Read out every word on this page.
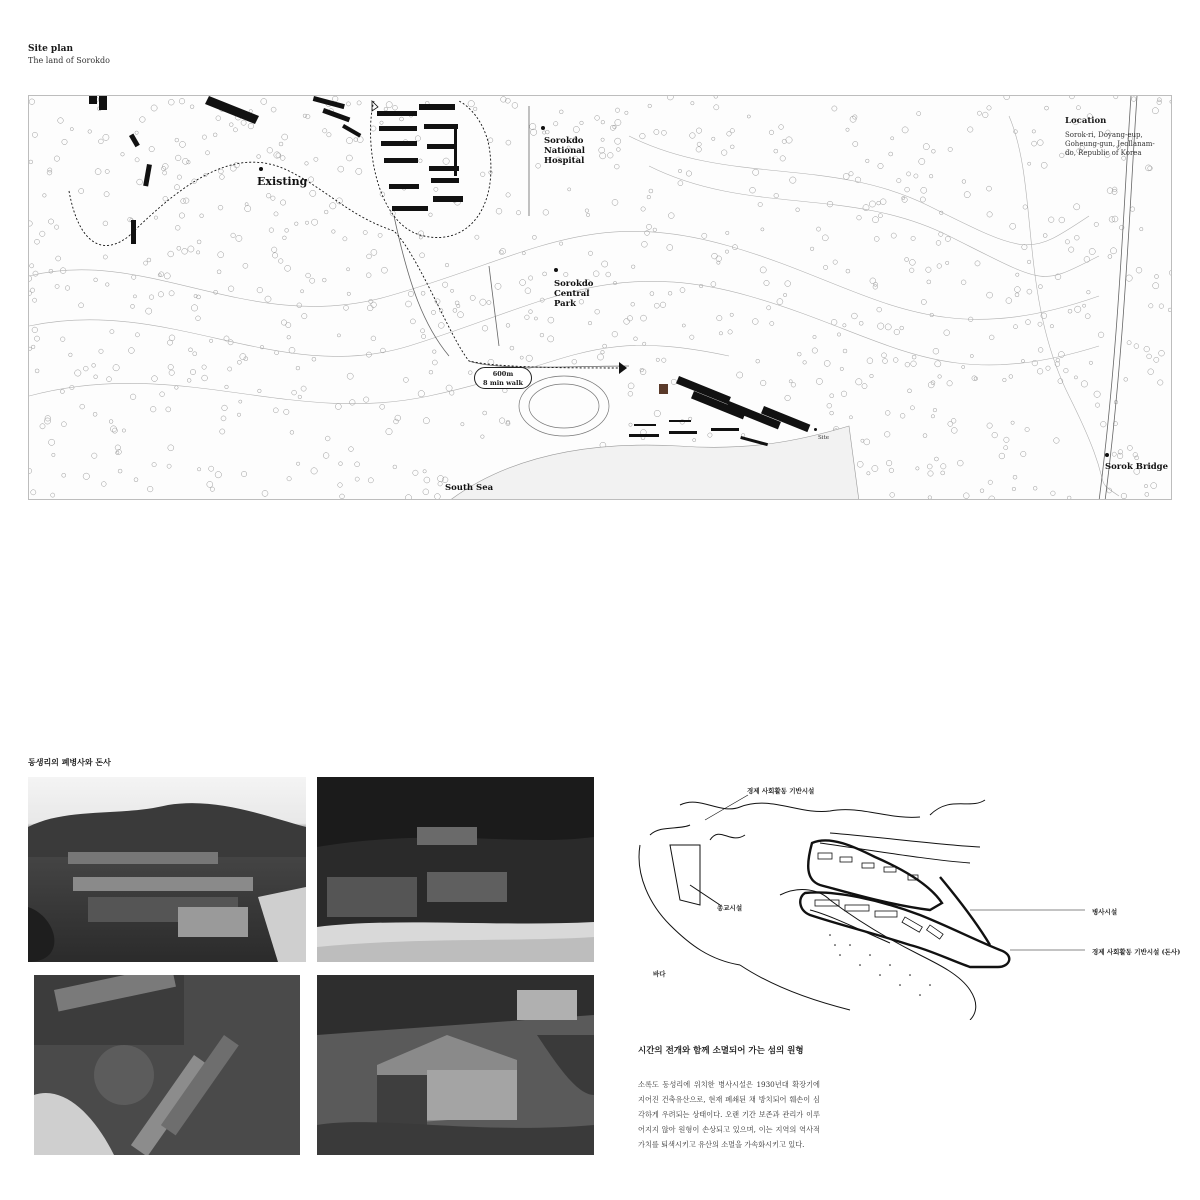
Site plan
The land of Sorokdo
Existing
Sorokdo National Hospital
Sorokdo Central Park
South Sea
Sorok Bridge
Site
600m
8 min walk
Location
Sorok-ri, Doyang-eup, Goheung-gun, Jeollanam-do, Republic of Korea
동생리의 폐병사와 돈사
경제 사회활동 기반시설
종교시설
바다
병사시설
경제 사회활동 기반시설 (돈사)
시간의 전개와 함께 소멸되어 가는 섬의 원형
소록도 동성리에 위치한 병사시설은 1930년대 확장기에 지어진 건축유산으로, 현재 폐쇄된 채 방치되어 훼손이 심각하게 우려되는 상태이다. 오랜 기간 보존과 관리가 이루어지지 않아 원형이 손상되고 있으며, 이는 지역의 역사적 가치를 퇴색시키고 유산의 소멸을 가속화시키고 있다.
